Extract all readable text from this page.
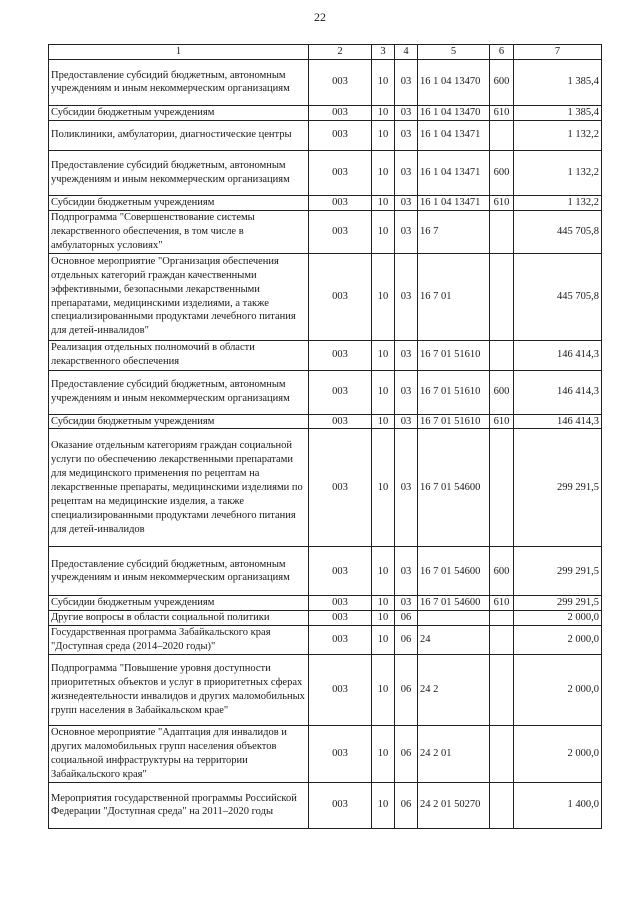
22
1	2	3	4	5	6	7
Предоставление субсидий бюджетным, автономным учреждениям и иным некоммерческим организациям	003	10	03	16 1 04 13470	600	1 385,4
Субсидии бюджетным учреждениям	003	10	03	16 1 04 13470	610	1 385,4
Поликлиники, амбулатории, диагностические центры	003	10	03	16 1 04 13471		1 132,2
Предоставление субсидий бюджетным, автономным учреждениям и иным некоммерческим организациям	003	10	03	16 1 04 13471	600	1 132,2
Субсидии бюджетным учреждениям	003	10	03	16 1 04 13471	610	1 132,2
Подпрограмма "Совершенствование системы лекарственного обеспечения, в том числе в амбулаторных условиях"	003	10	03	16 7		445 705,8
Основное мероприятие "Организация обеспечения отдельных категорий граждан качественными эффективными, безопасными лекарственными препаратами, медицинскими изделиями, а также специализированными продуктами лечебного питания для детей-инвалидов"	003	10	03	16 7 01		445 705,8
Реализация отдельных полномочий в области лекарственного обеспечения	003	10	03	16 7 01 51610		146 414,3
Предоставление субсидий бюджетным, автономным учреждениям и иным некоммерческим организациям	003	10	03	16 7 01 51610	600	146 414,3
Субсидии бюджетным учреждениям	003	10	03	16 7 01 51610	610	146 414,3
Оказание отдельным категориям граждан социальной услуги по обеспечению лекарственными препаратами для медицинского применения по рецептам на лекарственные препараты, медицинскими изделиями по рецептам на медицинские изделия, а также специализированными продуктами лечебного питания для детей-инвалидов	003	10	03	16 7 01 54600		299 291,5
Предоставление субсидий бюджетным, автономным учреждениям и иным некоммерческим организациям	003	10	03	16 7 01 54600	600	299 291,5
Субсидии бюджетным учреждениям	003	10	03	16 7 01 54600	610	299 291,5
Другие вопросы в области социальной политики	003	10	06			2 000,0
Государственная программа Забайкальского края "Доступная среда (2014–2020 годы)"	003	10	06	24		2 000,0
Подпрограмма "Повышение уровня доступности приоритетных объектов и услуг в приоритетных сферах жизнедеятельности инвалидов и других маломобильных групп населения в Забайкальском крае"	003	10	06	24 2		2 000,0
Основное мероприятие "Адаптация для инвалидов и других маломобильных групп населения объектов социальной инфраструктуры на территории Забайкальского края"	003	10	06	24 2 01		2 000,0
Мероприятия государственной программы Российской Федерации "Доступная среда" на 2011–2020 годы	003	10	06	24 2 01 50270		1 400,0
